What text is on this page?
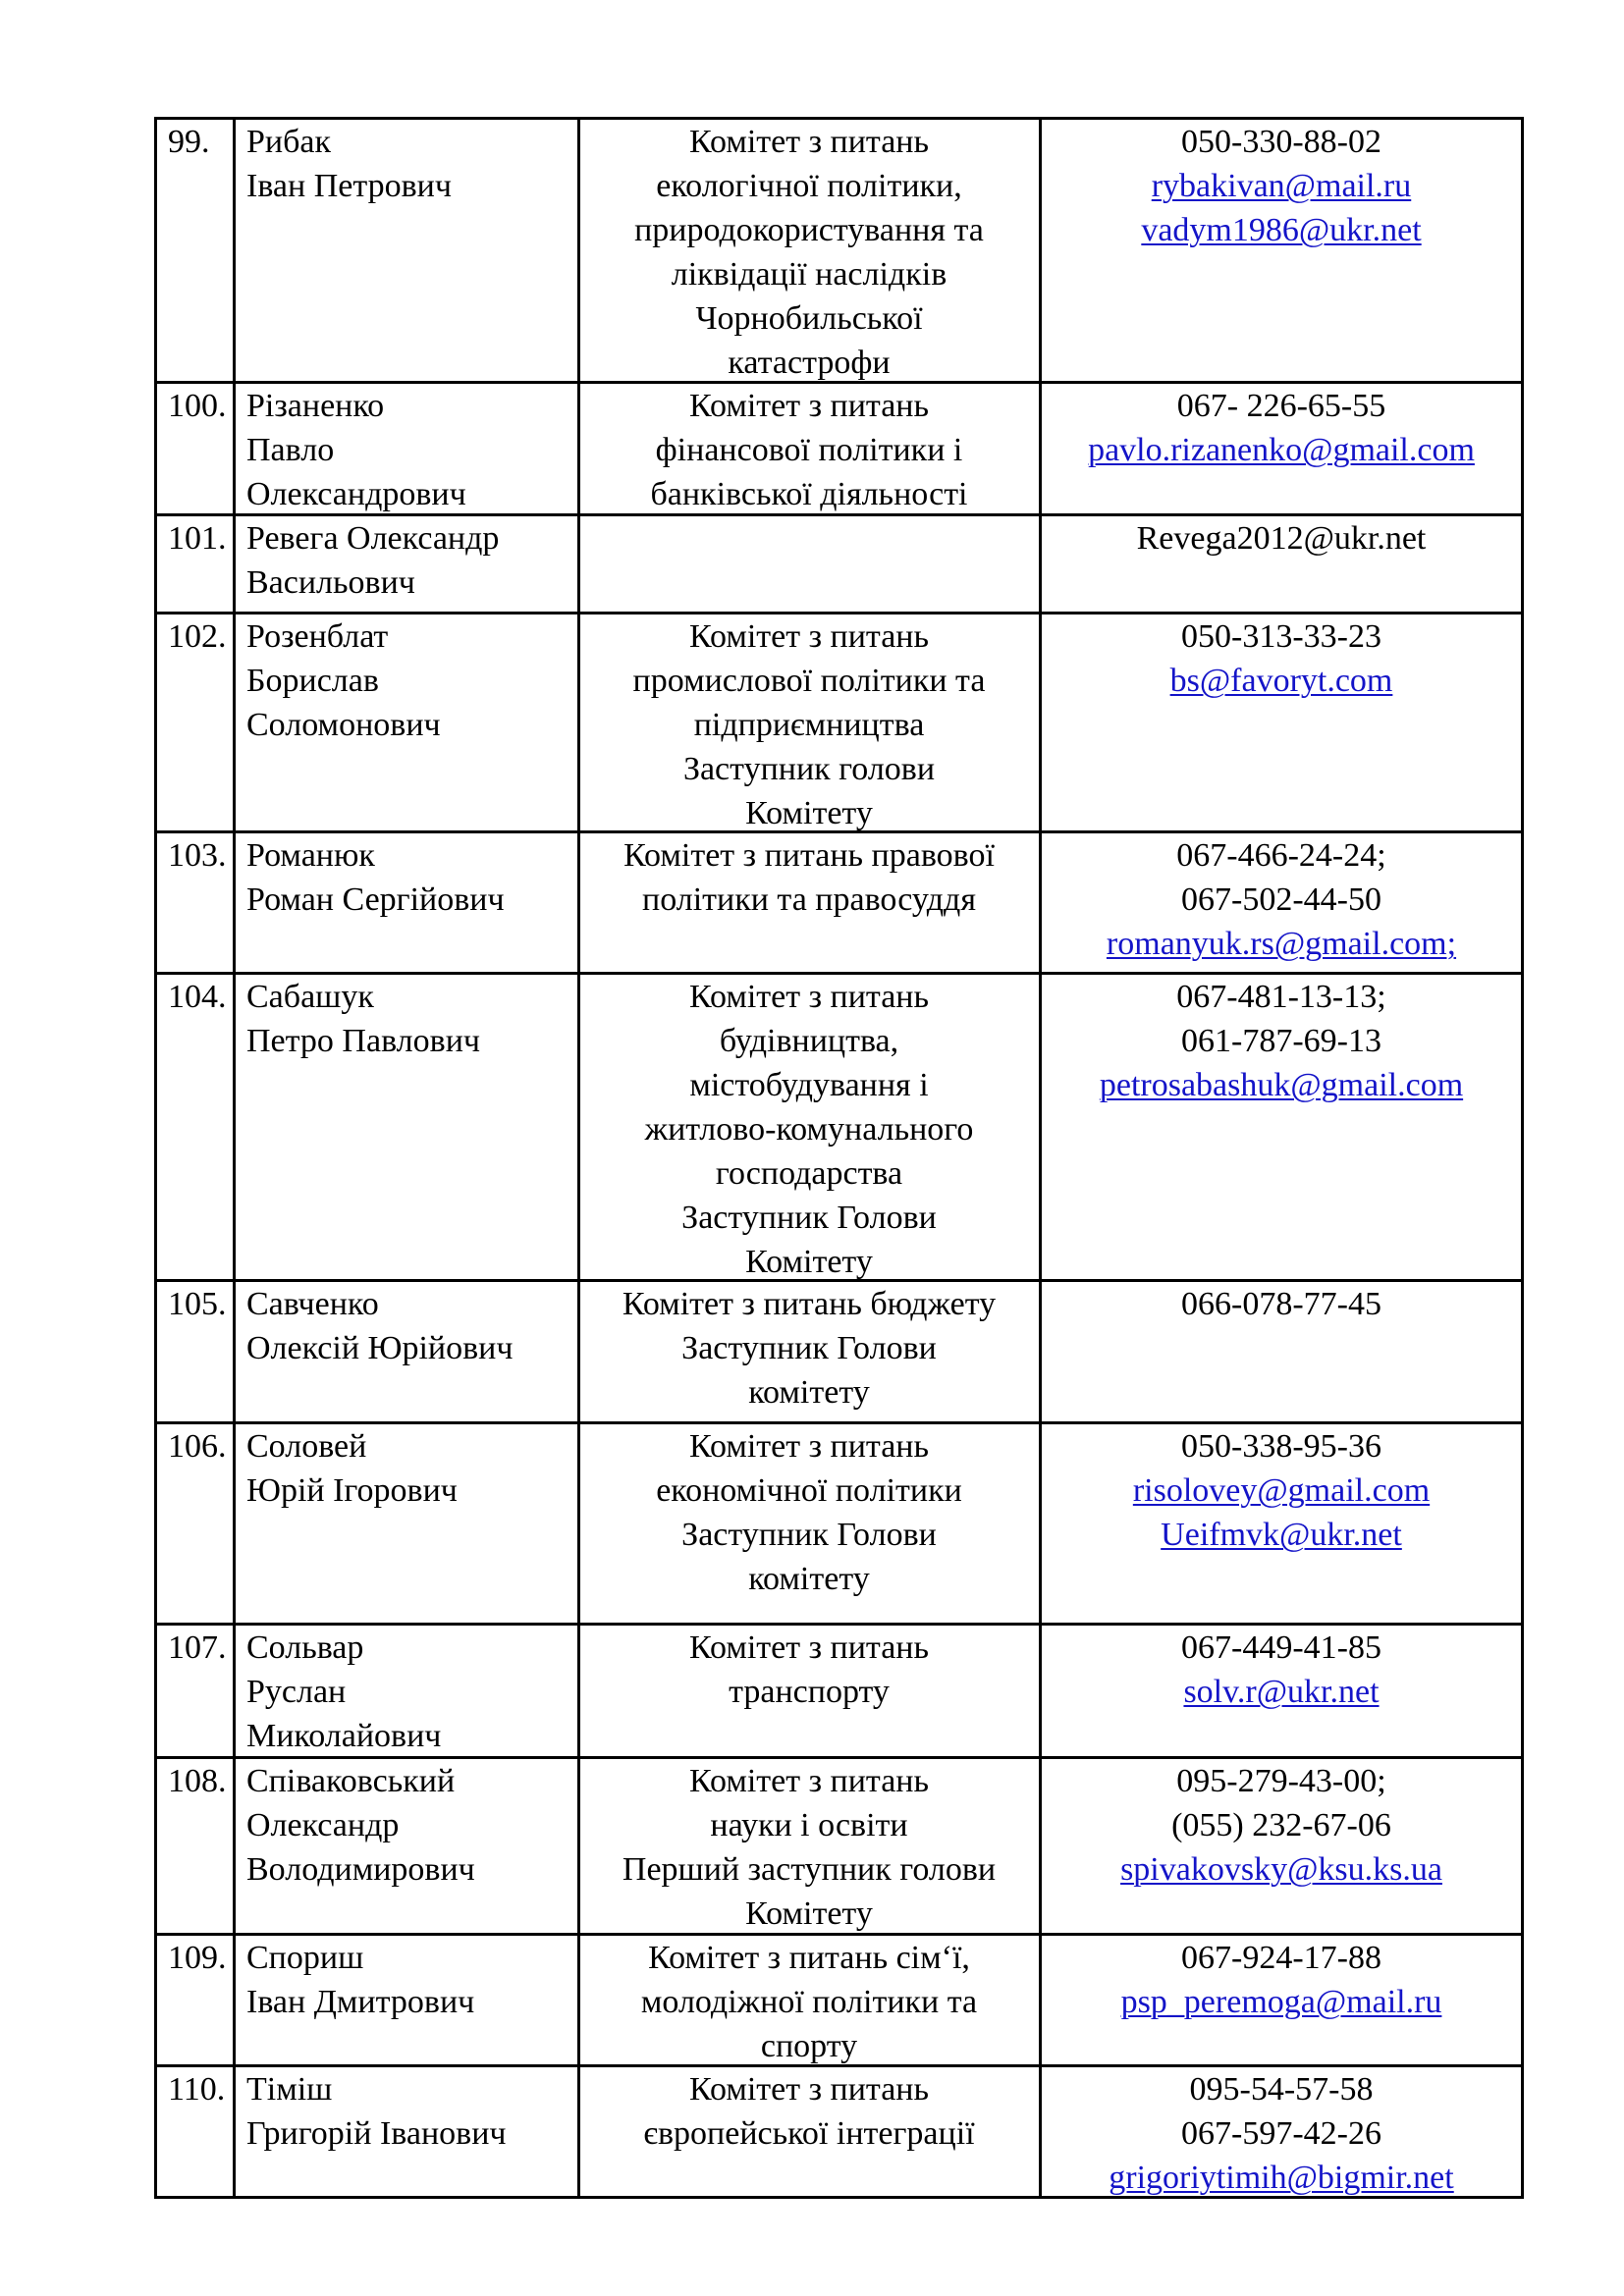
99.	Рибак
Іван Петрович
Комітет з питань
екологічної політики,
природокористування та
ліквідації наслідків
Чорнобильської
катастрофи
050-330-88-02
rybakivan@mail.ru
vadym1986@ukr.net
100. Різаненко
Павло
Олександрович
Комітет з питань
фінансової політики і
банківської діяльності
067- 226-65-55
pavlo.rizanenko@gmail.com
101. Ревега Олександр
Васильович
Revega2012@ukr.net
102. Розенблат
Борислав
Соломонович
Комітет з питань
промислової політики та
підприємництва
Заступник голови
Комітету
050-313-33-23
bs@favoryt.com
103. Романюк
Роман Сергійович
Комітет з питань правової
політики та правосуддя
067-466-24-24;
067-502-44-50
romanyuk.rs@gmail.com;
104. Сабашук
Петро Павлович
Комітет з питань
будівництва,
містобудування і
житлово-комунального
господарства
Заступник Голови
Комітету
067-481-13-13;
061-787-69-13
petrosabashuk@gmail.com
105. Савченко
Олексій Юрійович
Комітет з питань бюджету
Заступник Голови
комітету
066-078-77-45
106. Соловей
Юрій Ігорович
Комітет з питань
економічної політики
Заступник Голови
комітету
050-338-95-36
risolovey@gmail.com
Ueifmvk@ukr.net
107. Сольвар
Руслан
Миколайович
Комітет з питань
транспорту
067-449-41-85
solv.r@ukr.net
108. Співаковський
Олександр
Володимирович
Комітет з питань
науки і освіти
Перший заступник голови
Комітету
095-279-43-00;
(055) 232-67-06
spivakovsky@ksu.ks.ua
109. Спориш
Іван Дмитрович
Комітет з питань сім‘ї,
молодіжної політики та
спорту
067-924-17-88
psp_peremoga@mail.ru
110. Тіміш
Григорій Іванович
Комітет з питань
європейської інтеграції
095-54-57-58
067-597-42-26
grigoriytimih@bigmir.net
